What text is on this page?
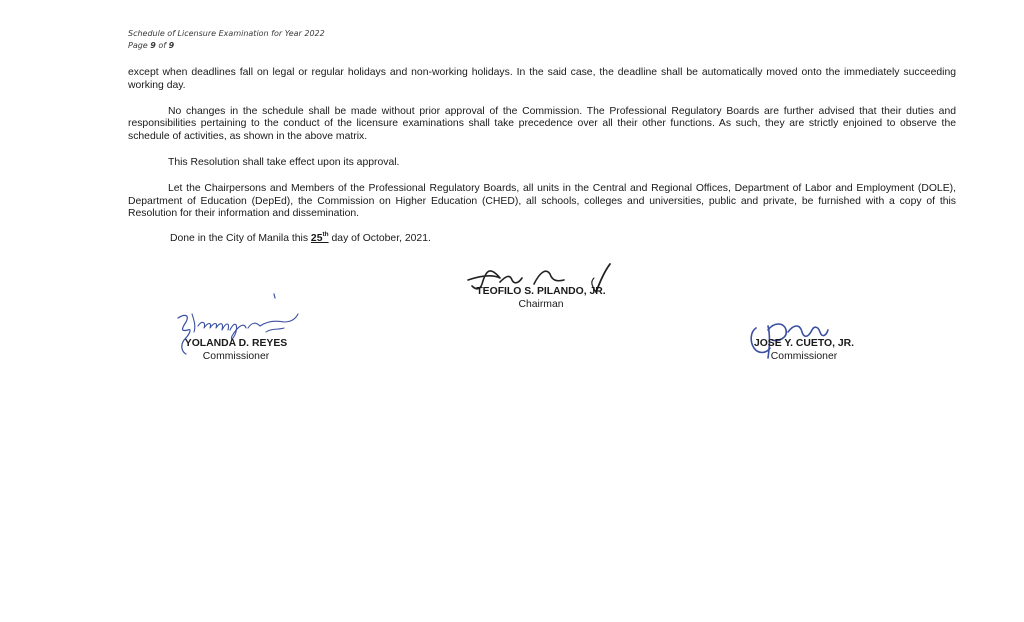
Schedule of Licensure Examination for Year 2022
Page 9 of 9

except when deadlines fall on legal or regular holidays and non-working holidays. In the said case, the deadline shall be automatically moved onto the immediately succeeding working day.

No changes in the schedule shall be made without prior approval of the Commission. The Professional Regulatory Boards are further advised that their duties and responsibilities pertaining to the conduct of the licensure examinations shall take precedence over all their other functions. As such, they are strictly enjoined to observe the schedule of activities, as shown in the above matrix.

This Resolution shall take effect upon its approval.

Let the Chairpersons and Members of the Professional Regulatory Boards, all units in the Central and Regional Offices, Department of Labor and Employment (DOLE), Department of Education (DepEd), the Commission on Higher Education (CHED), all schools, colleges and universities, public and private, be furnished with a copy of this Resolution for their information and dissemination.

Done in the City of Manila this 25th day of October, 2021.

TEOFILO S. PILANDO, JR.
Chairman
YOLANDA D. REYES
Commissioner
JOSE Y. CUETO, JR.
Commissioner
